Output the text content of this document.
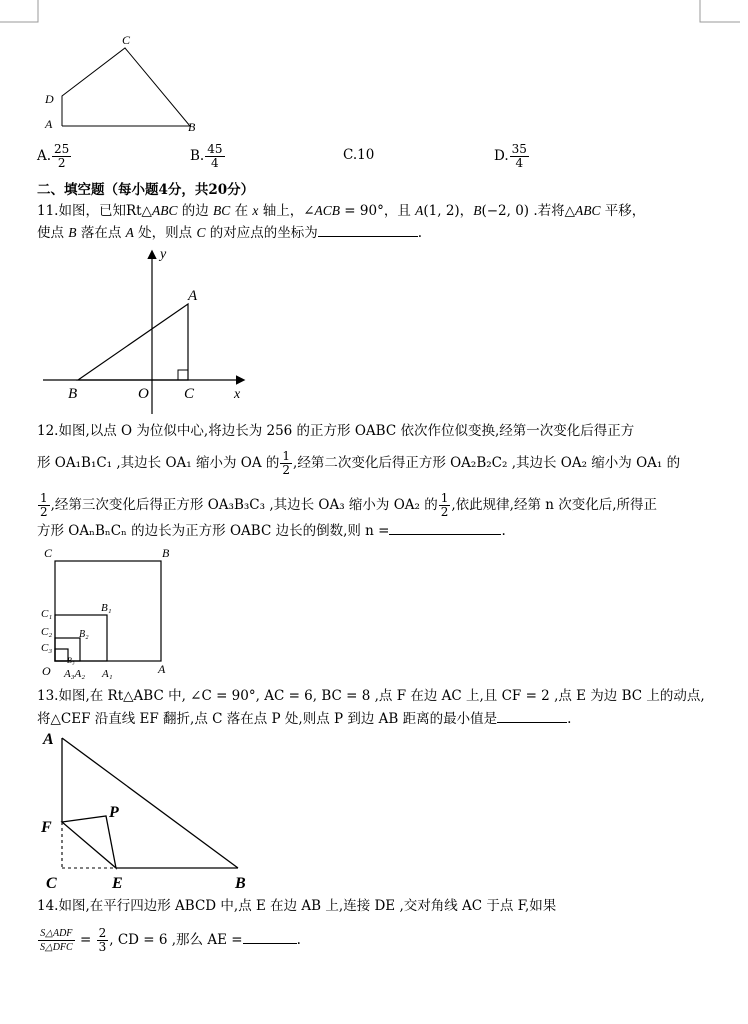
C
D
A	B
A. $\frac{25}{2}$	B. $\frac{45}{4}$	C.10	D. $\frac{35}{4}$
二、填空题（每小题4分，共20分）
11.如图，已知Rt△ABC 的边 BC 在 x 轴上，∠ACB = 90°，且 A(1, 2)，B(−2, 0) .若将△ABC 平移，
使点 B 落在点 A 处，则点 C 的对应点的坐标为	.
y
A
B	O C	x
12.如图,以点 O 为位似中心,将边长为 256 的正方形 OABC 依次作位似变换,经第一次变化后得正方
形 OA₁B₁C₁ ,其边长 OA₁ 缩小为 OA 的 $\frac{1}{2}$ ,经第二次变化后得正方形 OA₂B₂C₂ ,其边长 OA₂ 缩小为 OA₁ 的
$\frac{1}{2}$ ,经第三次变化后得正方形 OA₃B₃C₃ ,其边长 OA₃ 缩小为 OA₂ 的 $\frac{1}{2}$ ,依此规律,经第 n 次变化后,所得正
方形 OAₙBₙCₙ 的边长为正方形 OABC 边长的倒数,则 n =	.
C	B
C₁	B₁
C₂	B₂
C₃
B₃
O A₃A₂ A₁	A
13.如图,在 Rt△ABC 中, ∠C = 90°, AC = 6, BC = 8 ,点 F 在边 AC 上,且 CF = 2 ,点 E 为边 BC 上的动点,
将△CEF 沿直线 EF 翻折,点 C 落在点 P 处,则点 P 到边 AB 距离的最小值是	.
A
F
P
C	E	B
14.如图,在平行四边形 ABCD 中,点 E 在边 AB 上,连接 DE ,交对角线 AC 于点 F,如果
$\frac{\text{S△ADF}}{\text{S△DFC}} = \frac{2}{3}$ , CD = 6 ,那么 AE =	.
